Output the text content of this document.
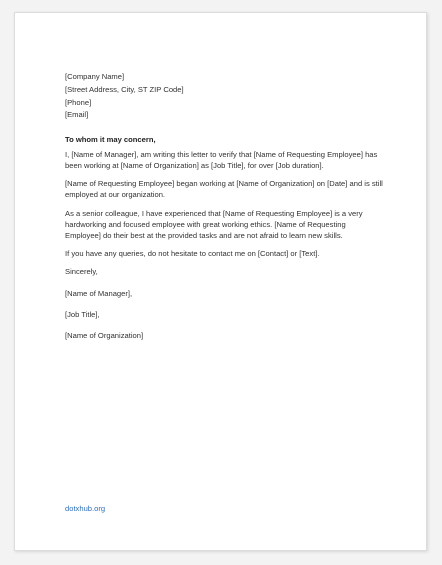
[Company Name]

[Street Address, City, ST ZIP Code]

[Phone]

[Email]

To whom it may concern,

I, [Name of Manager], am writing this letter to verify that [Name of Requesting Employee] has been working at [Name of Organization] as [Job Title], for over [Job duration].

[Name of Requesting Employee] began working at [Name of Organization] on [Date] and is still employed at our organization.

As a senior colleague, I have experienced that [Name of Requesting Employee] is a very hardworking and focused employee with great working ethics. [Name of Requesting Employee] do their best at the provided tasks and are not afraid to learn new skills.

If you have any queries, do not hesitate to contact me on [Contact] or [Text].

Sincerely,

[Name of Manager],

[Job Title],

[Name of Organization]

dotxhub.org
